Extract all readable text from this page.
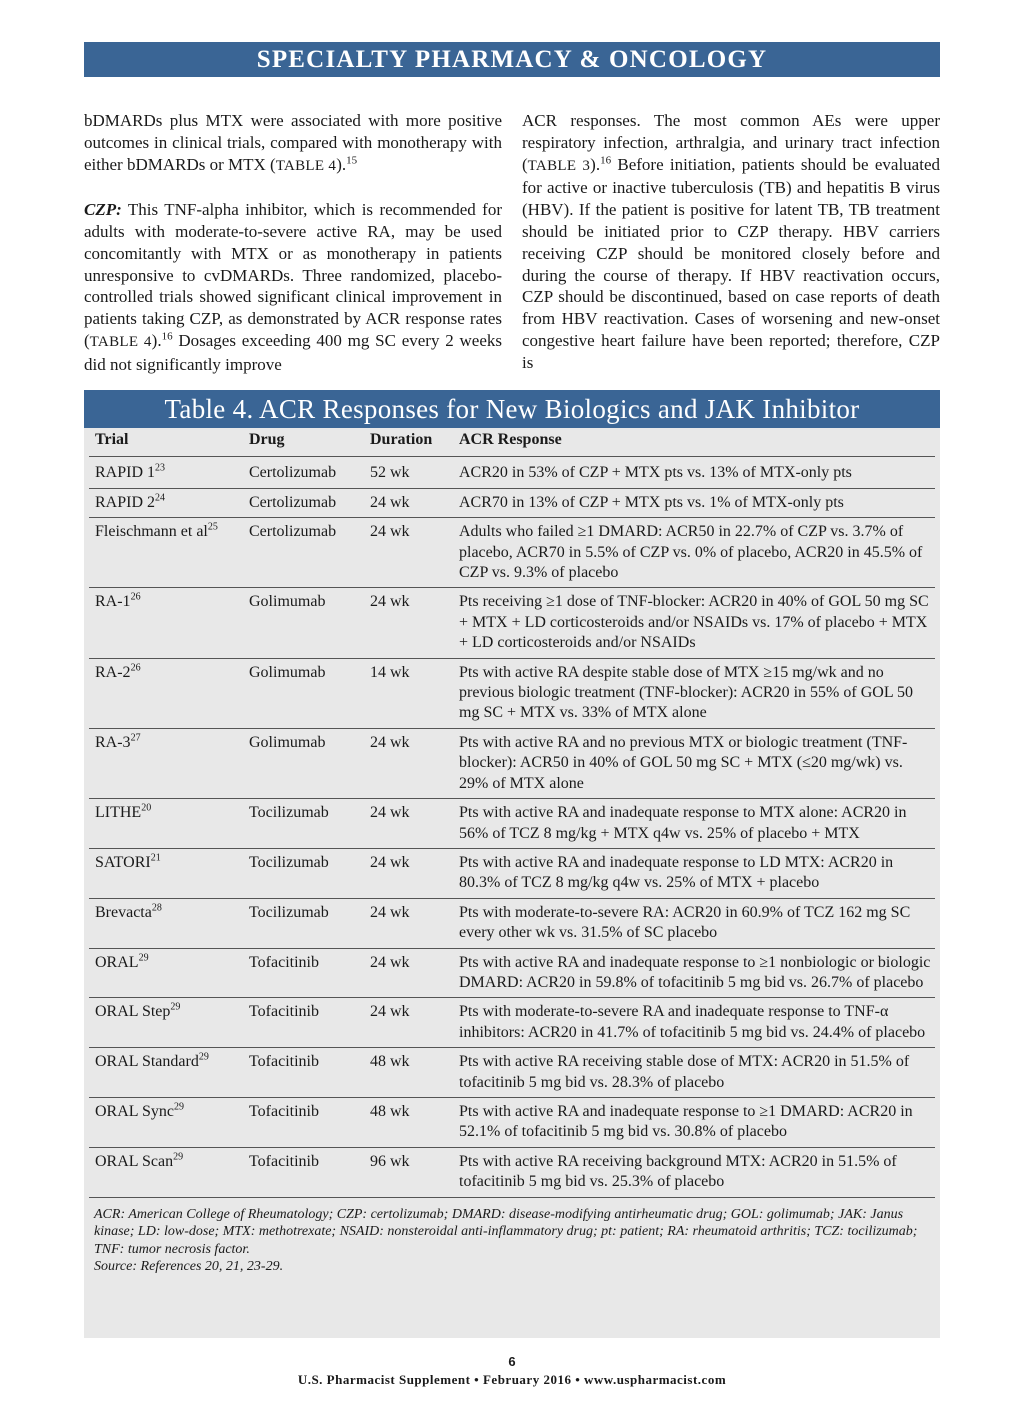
SPECIALTY PHARMACY & ONCOLOGY

bDMARDs plus MTX were associated with more positive outcomes in clinical trials, compared with monotherapy with either bDMARDs or MTX (TABLE 4).$^{15}$

CZP: This TNF-alpha inhibitor, which is recommended for adults with moderate-to-severe active RA, may be used concomitantly with MTX or as monotherapy in patients unresponsive to cvDMARDs. Three randomized, placebo-controlled trials showed significant clinical improvement in patients taking CZP, as demonstrated by ACR response rates (TABLE 4).$^{16}$ Dosages exceeding 400 mg SC every 2 weeks did not significantly improve

ACR responses. The most common AEs were upper respiratory infection, arthralgia, and urinary tract infection (TABLE 3).$^{16}$ Before initiation, patients should be evaluated for active or inactive tuberculosis (TB) and hepatitis B virus (HBV). If the patient is positive for latent TB, TB treatment should be initiated prior to CZP therapy. HBV carriers receiving CZP should be monitored closely before and during the course of therapy. If HBV reactivation occurs, CZP should be discontinued, based on case reports of death from HBV reactivation. Cases of worsening and new-onset congestive heart failure have been reported; therefore, CZP is

Table 4. ACR Responses for New Biologics and JAK Inhibitor
Trial	Drug	Duration	ACR Response
RAPID $1^{23}$	Certolizumab	52 wk	ACR20 in 53% of CZP + MTX pts vs. 13% of MTX-only pts
RAPID $2^{24}$	Certolizumab	24 wk	ACR70 in 13% of CZP + MTX pts vs. 1% of MTX-only pts
Fleischmann et $al^{25}$	Certolizumab	24 wk	Adults who failed ≥1 DMARD: ACR50 in 22.7% of CZP vs. 3.7% of placebo, ACR70 in 5.5% of CZP vs. 0% of placebo, ACR20 in 45.5% of CZP vs. 9.3% of placebo
$RA-1^{26}$	Golimumab	24 wk	Pts receiving ≥1 dose of TNF-blocker: ACR20 in 40% of GOL 50 mg SC + MTX + LD corticosteroids and/or NSAIDs vs. 17% of placebo + MTX + LD corticosteroids and/or NSAIDs
$RA-2^{26}$	Golimumab	14 wk	Pts with active RA despite stable dose of MTX ≥15 mg/wk and no previous biologic treatment (TNF-blocker): ACR20 in 55% of GOL 50 mg SC + MTX vs. 33% of MTX alone
$RA-3^{27}$	Golimumab	24 wk	Pts with active RA and no previous MTX or biologic treatment (TNF-blocker): ACR50 in 40% of GOL 50 mg SC + MTX (≤20 mg/wk) vs. 29% of MTX alone
LITHE$^{20}$	Tocilizumab	24 wk	Pts with active RA and inadequate response to MTX alone: ACR20 in 56% of TCZ 8 mg/kg + MTX q4w vs. 25% of placebo + MTX
SATORI$^{21}$	Tocilizumab	24 wk	Pts with active RA and inadequate response to LD MTX: ACR20 in 80.3% of TCZ 8 mg/kg q4w vs. 25% of MTX + placebo
Brevacta$^{28}$	Tocilizumab	24 wk	Pts with moderate-to-severe RA: ACR20 in 60.9% of TCZ 162 mg SC every other wk vs. 31.5% of SC placebo
ORAL$^{29}$	Tofacitinib	24 wk	Pts with active RA and inadequate response to ≥1 nonbiologic or biologic DMARD: ACR20 in 59.8% of tofacitinib 5 mg bid vs. 26.7% of placebo
ORAL Step$^{29}$	Tofacitinib	24 wk	Pts with moderate-to-severe RA and inadequate response to TNF-α inhibitors: ACR20 in 41.7% of tofacitinib 5 mg bid vs. 24.4% of placebo
ORAL Standard$^{29}$	Tofacitinib	48 wk	Pts with active RA receiving stable dose of MTX: ACR20 in 51.5% of tofacitinib 5 mg bid vs. 28.3% of placebo
ORAL Sync$^{29}$	Tofacitinib	48 wk	Pts with active RA and inadequate response to ≥1 DMARD: ACR20 in 52.1% of tofacitinib 5 mg bid vs. 30.8% of placebo
ORAL Scan$^{29}$	Tofacitinib	96 wk	Pts with active RA receiving background MTX: ACR20 in 51.5% of tofacitinib 5 mg bid vs. 25.3% of placebo

ACR: American College of Rheumatology; CZP: certolizumab; DMARD: disease-modifying antirheumatic drug; GOL: golimumab; JAK: Janus kinase; LD: low-dose; MTX: methotrexate; NSAID: nonsteroidal anti-inflammatory drug; pt: patient; RA: rheumatoid arthritis; TCZ: tocilizumab; TNF: tumor necrosis factor.

Source: References 20, 21, 23-29.

6
U.S. Pharmacist Supplement • February 2016 • www.uspharmacist.com
